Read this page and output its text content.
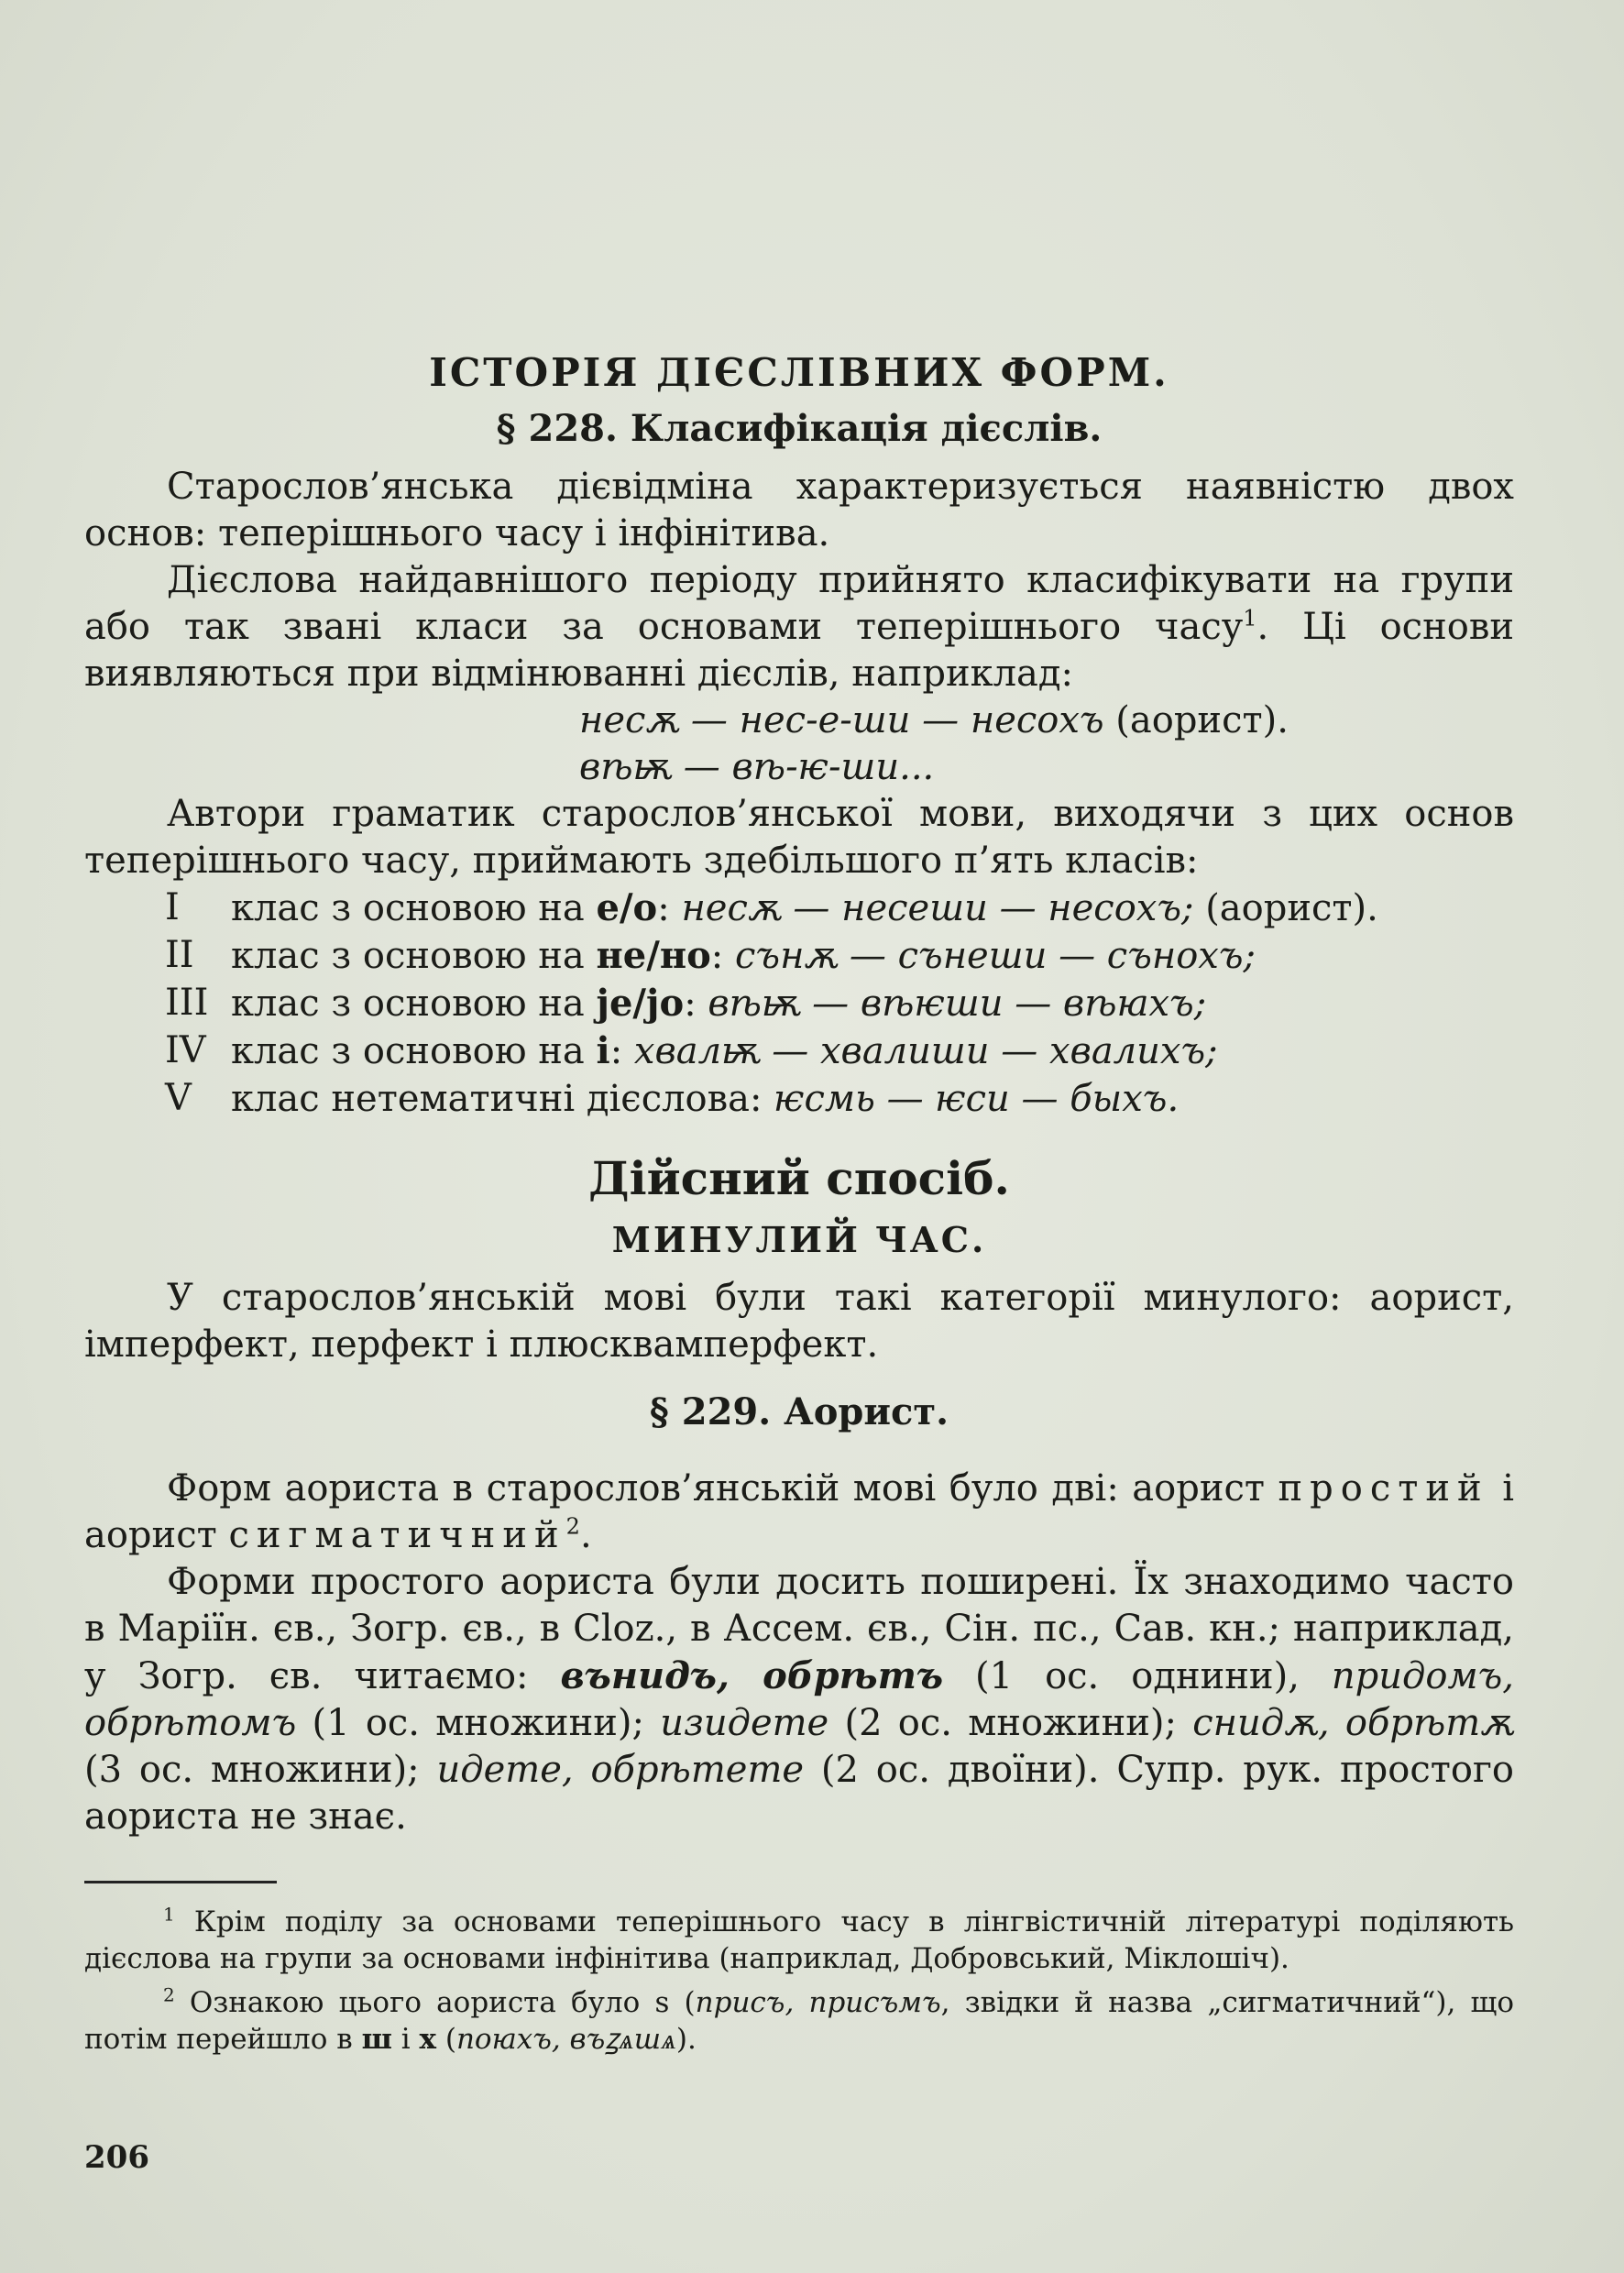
ІСТОРІЯ ДІЄСЛІВНИХ ФОРМ.
§ 228. Класифікація дієслів.

Старослов’янська дієвідміна характеризується наявністю двох основ: теперішнього часу і інфінітива.

Дієслова найдавнішого періоду прийнято класифікувати на групи або так звані класи за основами теперішнього часу$^1$. Ці основи виявляються при відмінюванні дієслів, наприклад:

несѫ — нес-е-ши — несохъ (аорист).
вѣѭ — вѣ-ѥ-ши...

Автори граматик старослов’янської мови, виходячи з цих основ теперішнього часу, приймають здебільшого п’ять класів:

I	клас з основою на е/о: несѫ — несеши — несохъ; (аорист).
II	клас з основою на не/но: сънѫ — сънеши — сънохъ;
III клас з основою на je/jo: вѣѭ — вѣѥши — вѣꙗхъ;
IV клас з основою на і: хвалѭ — хвалиши — хвалихъ;
V	клас нетематичні дієслова: ѥсмь — ѥси — быхъ.
Дійсний спосіб.
МИНУЛИЙ ЧАС.

У старослов’янській мові були такі категорії минулого: аорист, імперфект, перфект і плюсквамперфект.

§ 229. Аорист.

Форм аориста в старослов’янській мові було дві: аорист простий і аорист сигматичний$^2$.

Форми простого аориста були досить поширені. Їх знаходимо часто в Маріїн. єв., Зогр. єв., в Cloz., в Ассем. єв., Сін. пс., Сав. кн.; наприклад, у Зогр. єв. читаємо: вънидъ, обрѣтъ (1 ос. однини), придомъ, обрѣтомъ (1 ос. множини); изидете (2 ос. множини); снидѫ, обрѣтѫ (3 ос. множини); идете, обрѣтете (2 ос. двоїни). Супр. рук. простого аориста не знає.

$^1$ Крім поділу за основами теперішнього часу в лінгвістичній літературі поділяють дієслова на групи за основами інфінітива (наприклад, Добровський, Міклошіч).

$^2$ Ознакою цього аориста було s (присъ, присъмъ, звідки й назва „сигматичний“), що потім перейшло в ш і х (поꙗхъ, въꙁѧшѧ).

206
